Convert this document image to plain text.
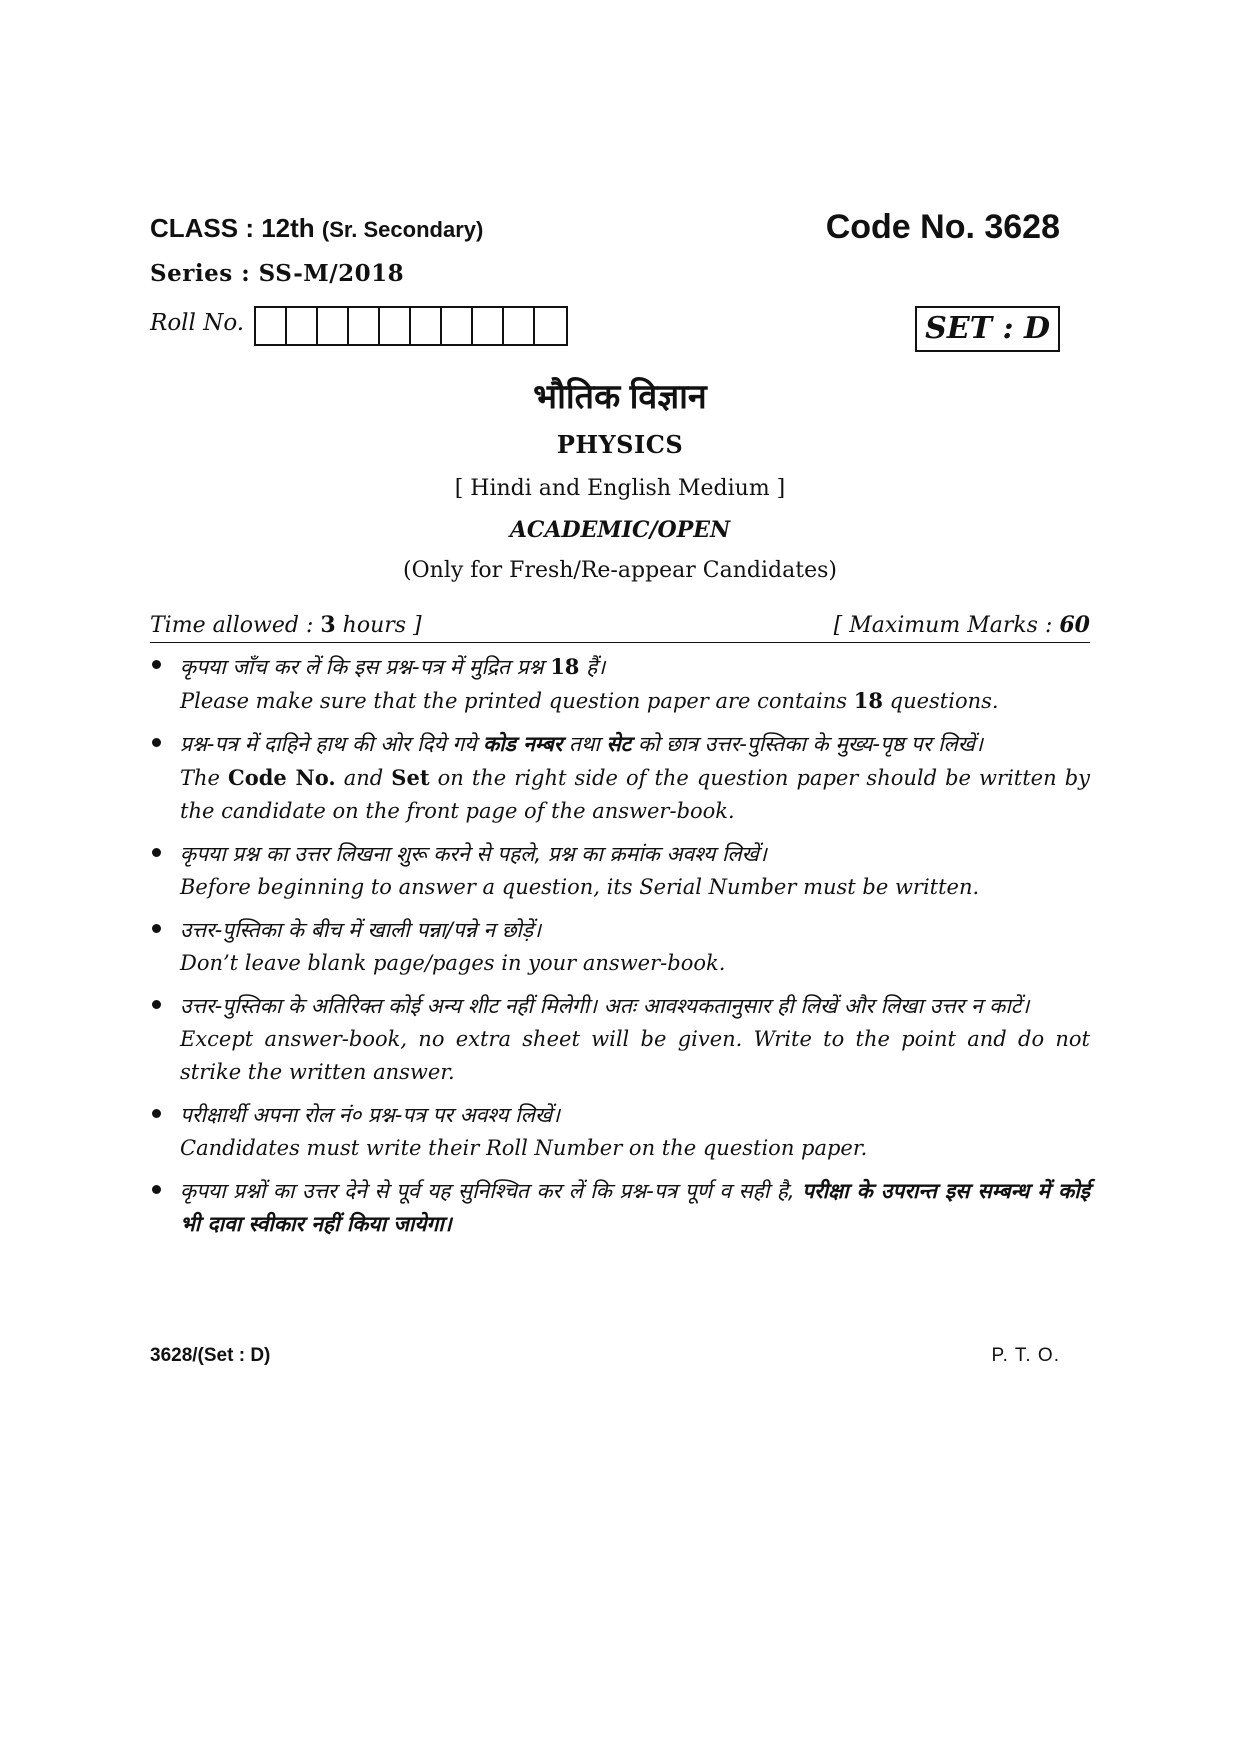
CLASS : 12th (Sr. Secondary)	Code No. 3628
Series : SS-M/2018
Roll No.	SET : D
भौतिक विज्ञान
PHYSICS
[ Hindi and English Medium ]
ACADEMIC/OPEN
(Only for Fresh/Re-appear Candidates)
Time allowed : 3 hours ]	[ Maximum Marks : 60
कृपया जाँच कर लें कि इस प्रश्न-पत्र में मुद्रित प्रश्न 18 हैं।
Please make sure that the printed question paper are contains 18 questions.
प्रश्न-पत्र में दाहिने हाथ की ओर दिये गये कोड नम्बर तथा सेट को छात्र उत्तर-पुस्तिका के मुख्य-पृष्ठ पर लिखें।
The Code No. and Set on the right side of the question paper should be written by the candidate on the front page of the answer-book.
कृपया प्रश्न का उत्तर लिखना शुरू करने से पहले, प्रश्न का क्रमांक अवश्य लिखें।
Before beginning to answer a question, its Serial Number must be written.
उत्तर-पुस्तिका के बीच में खाली पन्ना/पन्ने न छोड़ें।
Don’t leave blank page/pages in your answer-book.
उत्तर-पुस्तिका के अतिरिक्त कोई अन्य शीट नहीं मिलेगी। अतः आवश्यकतानुसार ही लिखें और लिखा उत्तर न काटें।
Except answer-book, no extra sheet will be given. Write to the point and do not strike the written answer.
परीक्षार्थी अपना रोल नं० प्रश्न-पत्र पर अवश्य लिखें।
Candidates must write their Roll Number on the question paper.
कृपया प्रश्नों का उत्तर देने से पूर्व यह सुनिश्चित कर लें कि प्रश्न-पत्र पूर्ण व सही है, परीक्षा के उपरान्त इस सम्बन्ध में कोई भी दावा स्वीकार नहीं किया जायेगा।
3628/(Set : D)	P. T. O.
